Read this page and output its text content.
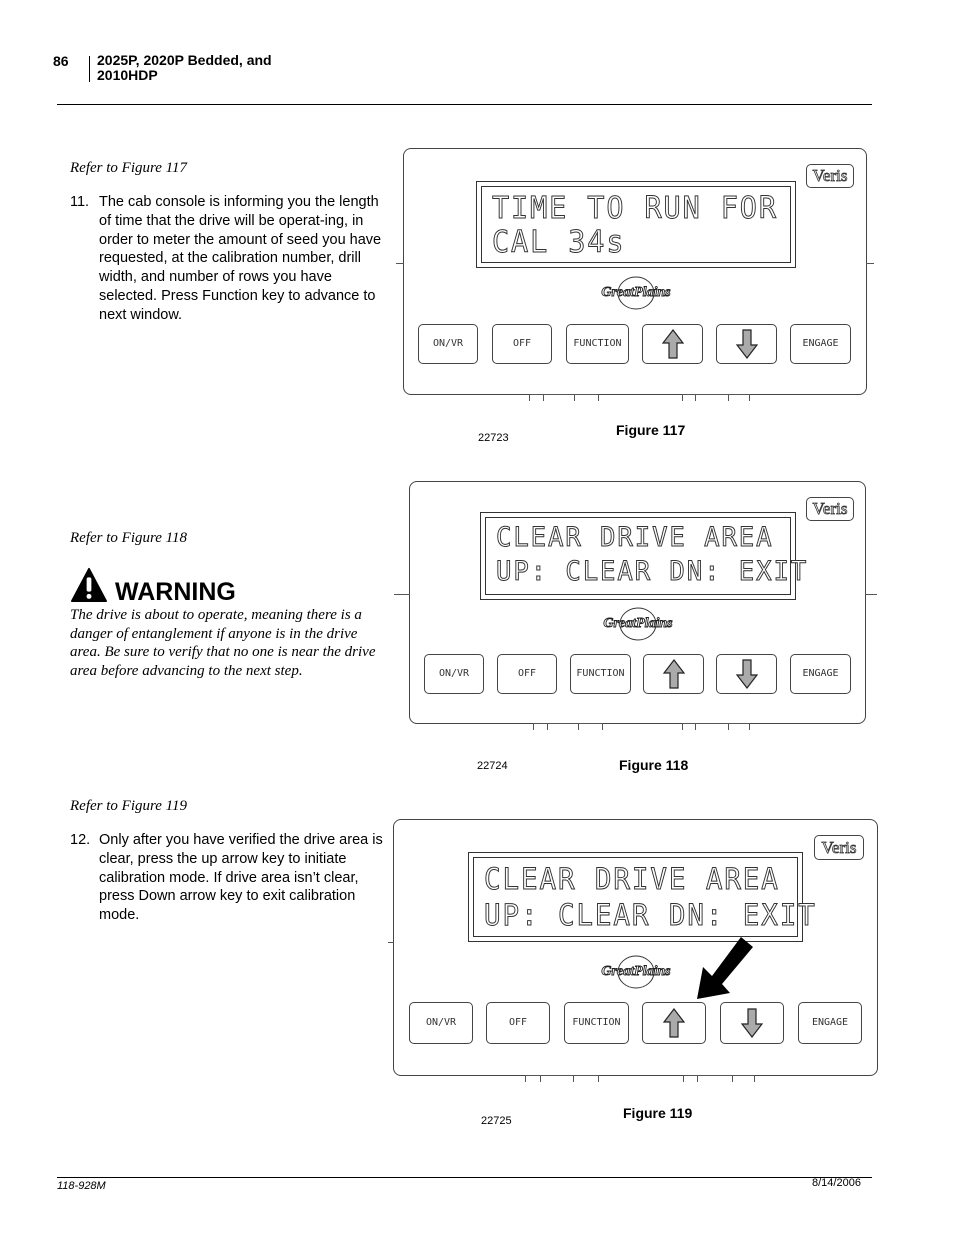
86 2025P, 2020P Bedded, and
2010HDP
Refer to Figure 117
11. The cab console is informing you the length of time that the drive will be operat-ing, in order to meter the amount of seed you have requested, at the calibration number, drill width, and number of rows you have selected. Press Function key to advance to next window.
Refer to Figure 118
WARNING
The drive is about to operate, meaning there is a danger of entanglement if anyone is in the drive area. Be sure to verify that no one is near the drive area before advancing to the next step.
Refer to Figure 119
12. Only after you have verified the drive area is clear, press the up arrow key to initiate calibration mode. If drive area isn’t clear, press Down arrow key to exit calibration mode.
Veris
TIME TO RUN FOR
CAL 34s
GreatPlains
ON/VR	OFF	FUNCTION	ENGAGE
22723	Figure 117
Veris
CLEAR DRIVE AREA
UP: CLEAR DN: EXIT
GreatPlains
ON/VR	OFF	FUNCTION	ENGAGE
22724	Figure 118
Veris
CLEAR DRIVE AREA
UP: CLEAR DN: EXIT
GreatPlains
ON/VR	OFF	FUNCTION	ENGAGE
22725	Figure 119
118-928M	8/14/2006
